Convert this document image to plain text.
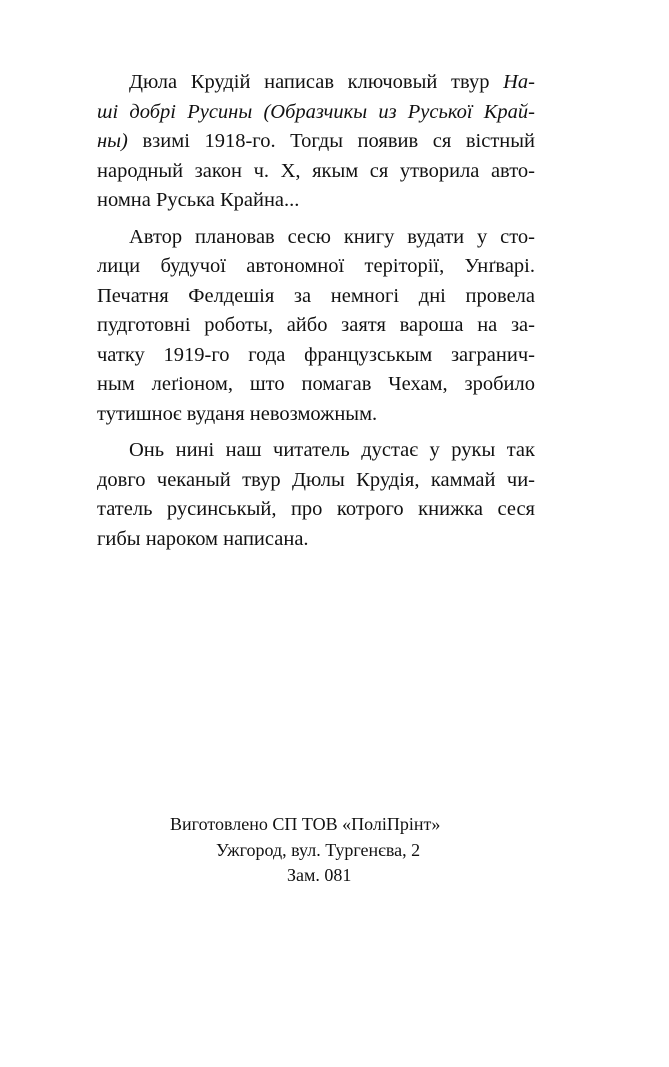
Дюла Крудій написав ключовый твур На-
ші добрі Русины (Образчикы из Руської Край-
ны) взимі 1918-го. Тогды появив ся вістный
народный закон ч. X, якым ся утворила авто-
номна Руська Крайна...
Автор плановав сесю книгу вудати у сто-
лици будучої автономної теріторії, Унґварі.
Печатня Фелдешія за немногі дні провела
пудготовні роботы, айбо заятя вароша на за-
чатку 1919-го года французськым загранич-
ным леґіоном, што помагав Чехам, зробило
тутишноє вуданя невозможным.
Онь нині наш читатель дустає у рукы так
довго чеканый твур Дюлы Крудія, каммай чи-
татель русинськый, про котрого книжка сеся
гибы нароком написана.
Виготовлено СП ТОВ «ПоліПрінт»
Ужгород, вул. Тургенєва, 2
Зам. 081
